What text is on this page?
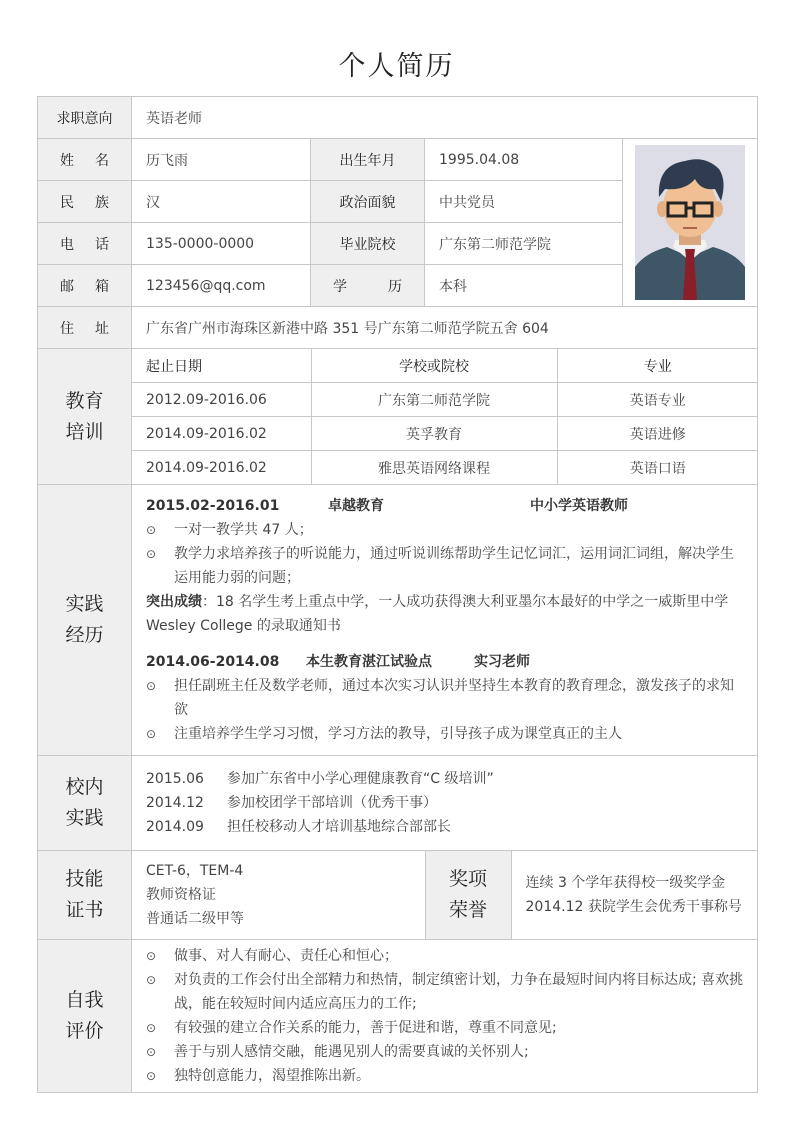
个人简历
求职意向	英语老师

姓 名	历飞雨	出生年月	1995.04.08	

民 族	汉	政治面貌	中共党员

电 话	135-0000-0000	毕业院校	广东第二师范学院

邮 箱	123456@qq.com	学	历	本科

住 址	广东省广州市海珠区新港中路 351 号广东第二师范学院五舍 604

教育
培训

起止日期	学校或院校	专业
2012.09-2016.06	广东第二师范学院	英语专业
2014.09-2016.02	英孚教育	英语进修
2014.09-2016.02	雅思英语网络课程	英语口语

实践
经历

2015.02-2016.01	卓越教育	中小学英语教师
⊙	一对一教学共 47 人；
⊙	教学力求培养孩子的听说能力，通过听说训练帮助学生记忆词汇，运用词汇词组，解决学生运用能力弱的问题；
突出成绩：18 名学生考上重点中学，一人成功获得澳大利亚墨尔本最好的中学之一威斯里中学 Wesley College 的录取通知书
2014.06-2014.08	本生教育湛江试验点	实习老师
⊙	担任副班主任及数学老师，通过本次实习认识并坚持生本教育的教育理念，激发孩子的求知欲
⊙	注重培养学生学习习惯，学习方法的教导，引导孩子成为课堂真正的主人

校内
实践

2015.06	参加广东省中小学心理健康教育“C 级培训”
2014.12	参加校团学干部培训（优秀干事）
2014.09	担任校移动人才培训基地综合部部长

技能
证书

CET-6，TEM-4
教师资格证
普通话二级甲等

奖项
荣誉

连续 3 个学年获得校一级奖学金
2014.12 获院学生会优秀干事称号

自我
评价

⊙	做事、对人有耐心、责任心和恒心；
⊙	对负责的工作会付出全部精力和热情，制定缜密计划，力争在最短时间内将目标达成; 喜欢挑战，能在较短时间内适应高压力的工作;
⊙	有较强的建立合作关系的能力，善于促进和谐，尊重不同意见;
⊙	善于与别人感情交融，能遇见别人的需要真诚的关怀别人;
⊙	独特创意能力，渴望推陈出新。
